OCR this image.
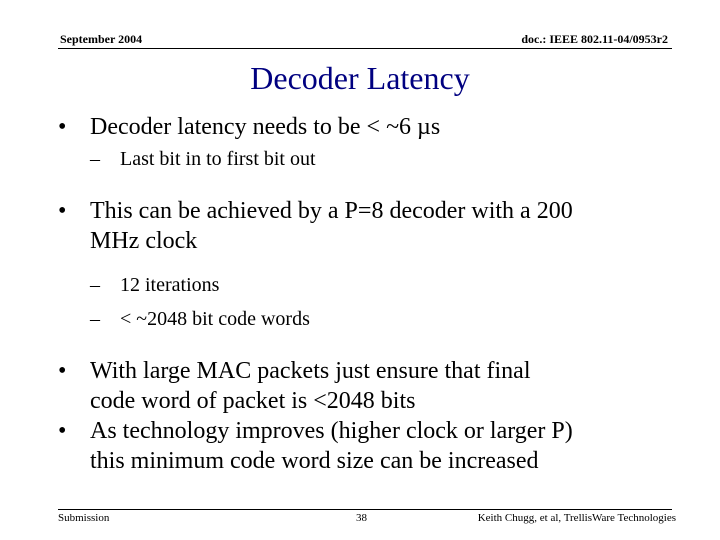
September 2004	doc.: IEEE 802.11-04/0953r2
Decoder Latency
• Decoder latency needs to be < ~6 µs
– Last bit in to first bit out
• This can be achieved by a P=8 decoder with a 200
MHz clock
– 12 iterations
– < ~2048 bit code words
• With large MAC packets just ensure that final
code word of packet is <2048 bits
• As technology improves (higher clock or larger P)
this minimum code word size can be increased
Submission	38	Keith Chugg, et al, TrellisWare Technologies
